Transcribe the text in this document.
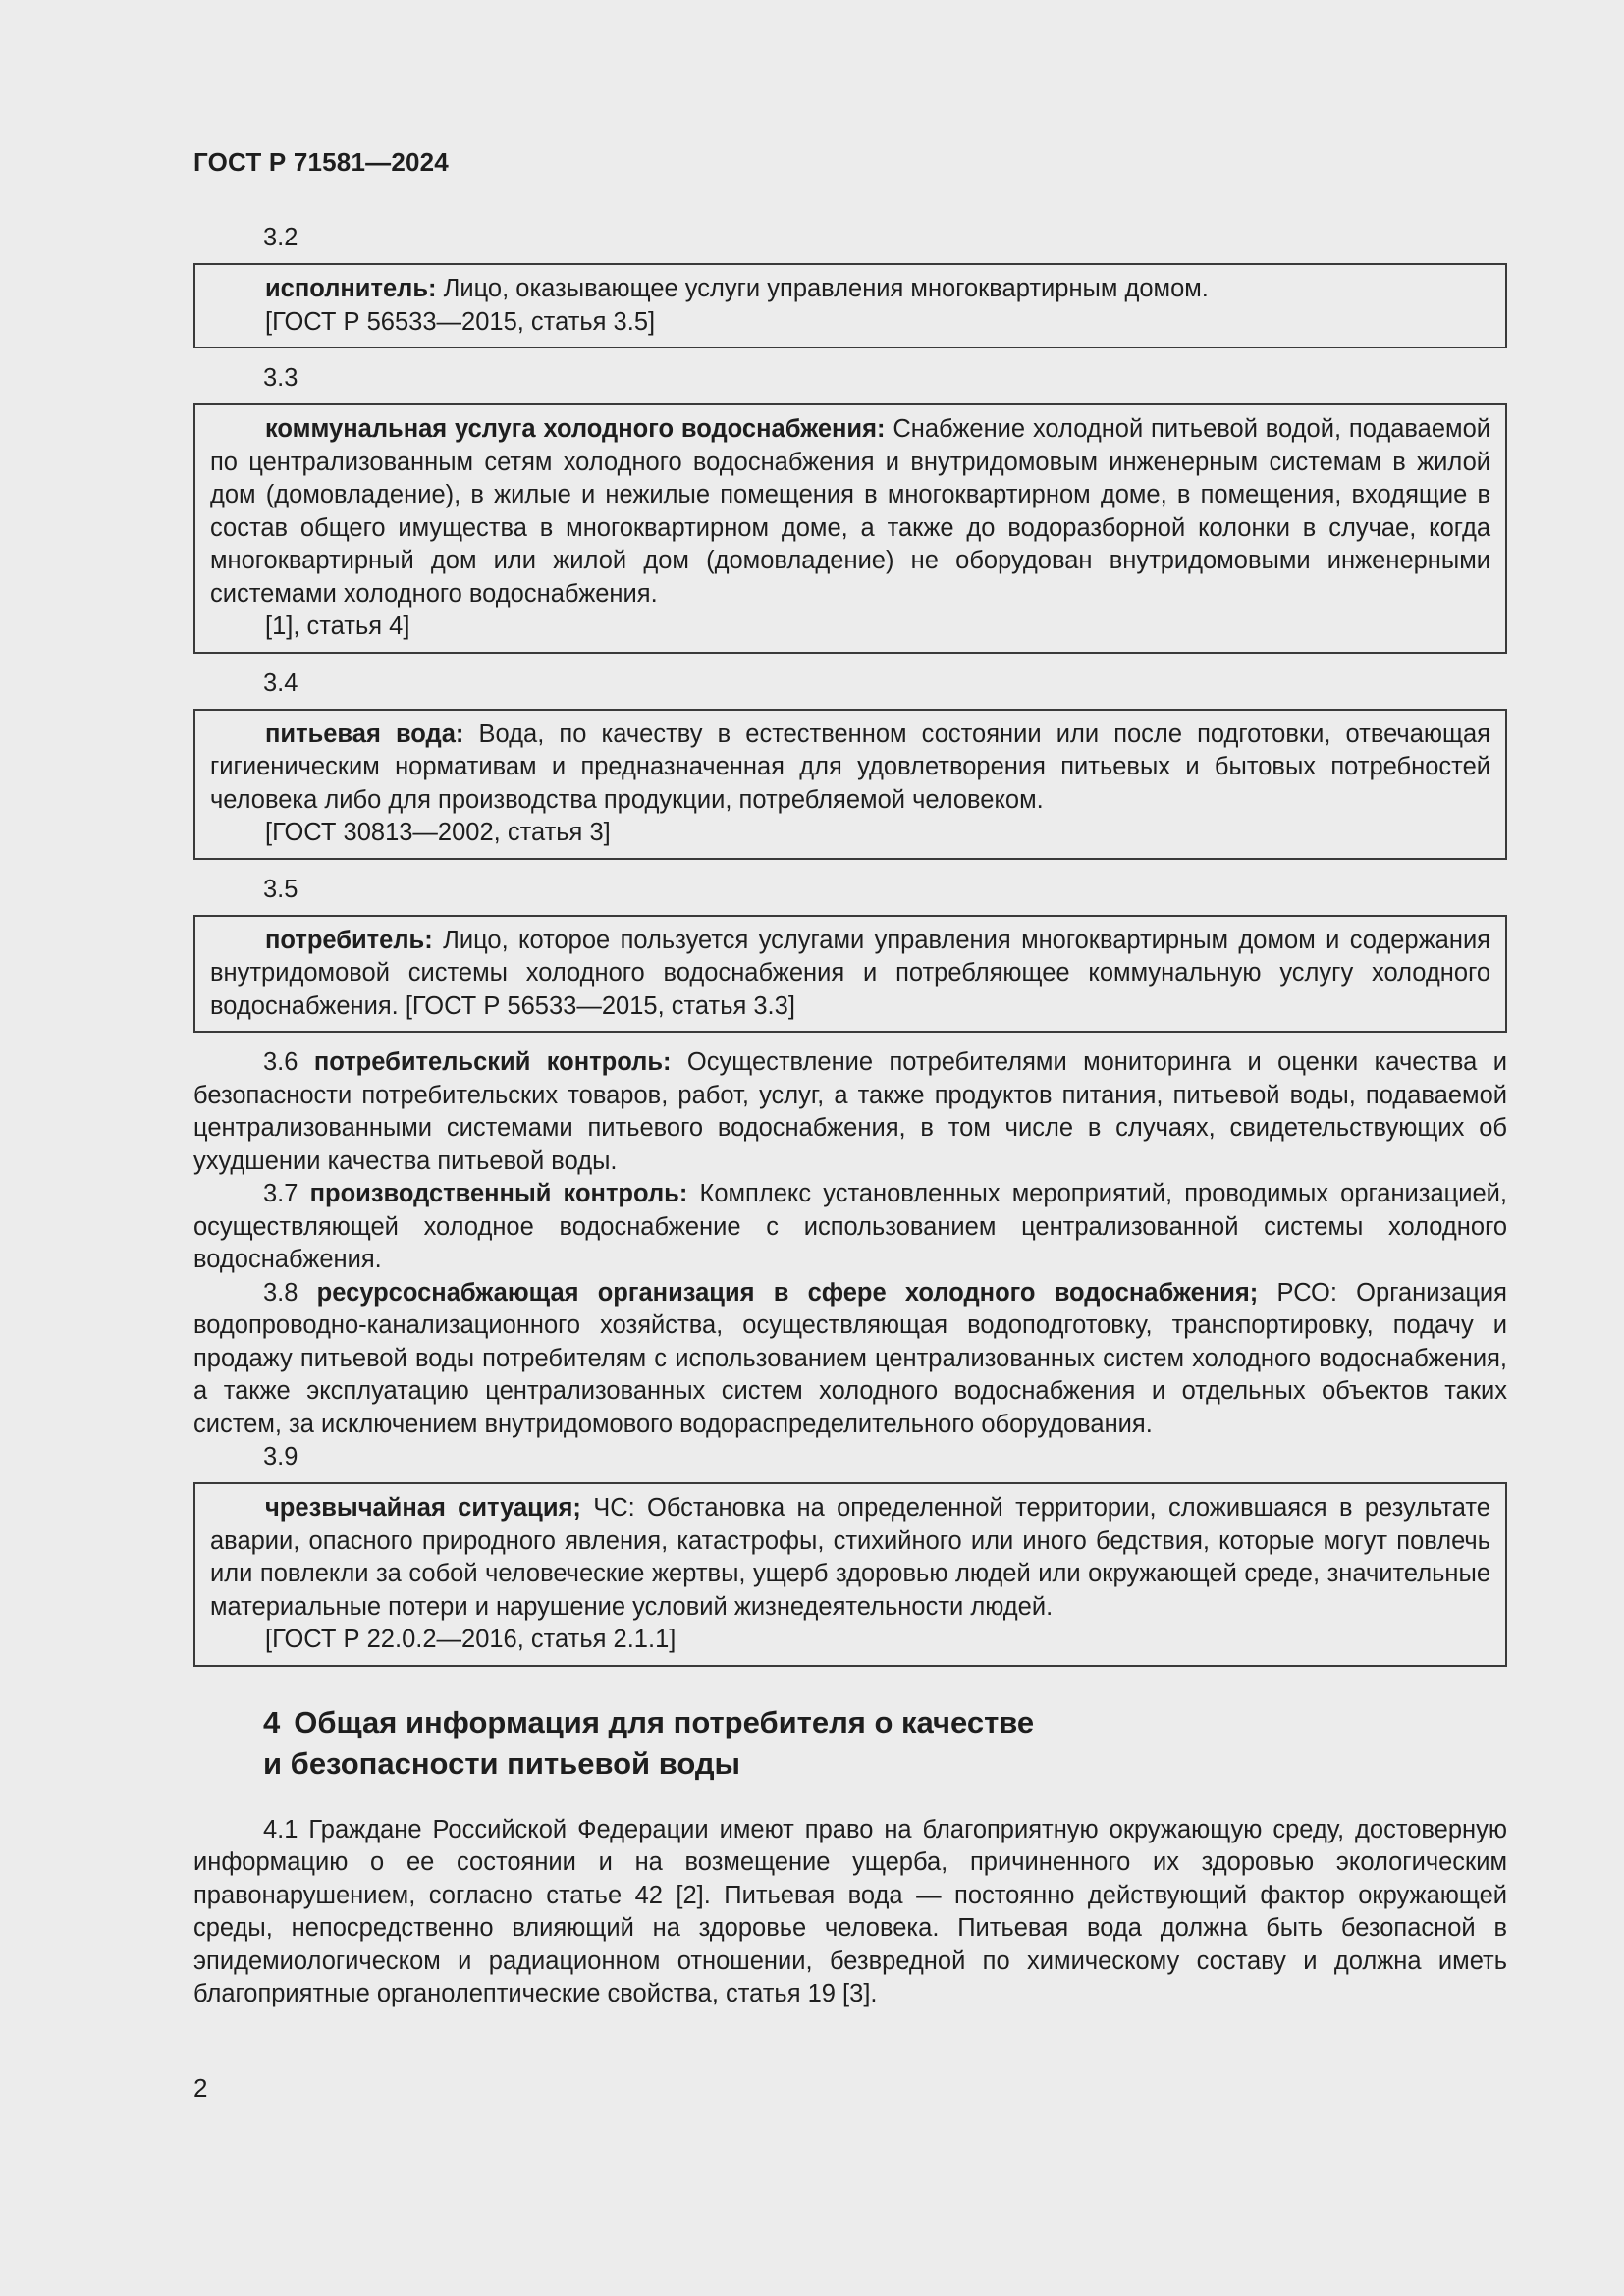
ГОСТ Р 71581—2024
3.2

исполнитель: Лицо, оказывающее услуги управления многоквартирным домом.

[ГОСТ Р 56533—2015, статья 3.5]

3.3

коммунальная услуга холодного водоснабжения: Снабжение холодной питьевой водой, подаваемой по централизованным сетям холодного водоснабжения и внутридомовым инженерным системам в жилой дом (домовладение), в жилые и нежилые помещения в многоквартирном доме, в помещения, входящие в состав общего имущества в многоквартирном доме, а также до водоразборной колонки в случае, когда многоквартирный дом или жилой дом (домовладение) не оборудован внутридомовыми инженерными системами холодного водоснабжения.

[1], статья 4]

3.4

питьевая вода: Вода, по качеству в естественном состоянии или после подготовки, отвечающая гигиеническим нормативам и предназначенная для удовлетворения питьевых и бытовых потребностей человека либо для производства продукции, потребляемой человеком.

[ГОСТ 30813—2002, статья 3]

3.5

потребитель: Лицо, которое пользуется услугами управления многоквартирным домом и содержания внутридомовой системы холодного водоснабжения и потребляющее коммунальную услугу холодного водоснабжения. [ГОСТ Р 56533—2015, статья 3.3]

3.6 потребительский контроль: Осуществление потребителями мониторинга и оценки качества и безопасности потребительских товаров, работ, услуг, а также продуктов питания, питьевой воды, подаваемой централизованными системами питьевого водоснабжения, в том числе в случаях, свидетельствующих об ухудшении качества питьевой воды.

3.7 производственный контроль: Комплекс установленных мероприятий, проводимых организацией, осуществляющей холодное водоснабжение с использованием централизованной системы холодного водоснабжения.

3.8 ресурсоснабжающая организация в сфере холодного водоснабжения; РСО: Организация водопроводно-канализационного хозяйства, осуществляющая водоподготовку, транспортировку, подачу и продажу питьевой воды потребителям с использованием централизованных систем холодного водоснабжения, а также эксплуатацию централизованных систем холодного водоснабжения и отдельных объектов таких систем, за исключением внутридомового водораспределительного оборудования.

3.9

чрезвычайная ситуация; ЧС: Обстановка на определенной территории, сложившаяся в результате аварии, опасного природного явления, катастрофы, стихийного или иного бедствия, которые могут повлечь или повлекли за собой человеческие жертвы, ущерб здоровью людей или окружающей среде, значительные материальные потери и нарушение условий жизнедеятельности людей.

[ГОСТ Р 22.0.2—2016, статья 2.1.1]

4 Общая информация для потребителя о качестве
и безопасности питьевой воды

4.1 Граждане Российской Федерации имеют право на благоприятную окружающую среду, достоверную информацию о ее состоянии и на возмещение ущерба, причиненного их здоровью экологическим правонарушением, согласно статье 42 [2]. Питьевая вода — постоянно действующий фактор окружающей среды, непосредственно влияющий на здоровье человека. Питьевая вода должна быть безопасной в эпидемиологическом и радиационном отношении, безвредной по химическому составу и должна иметь благоприятные органолептические свойства, статья 19 [3].

2
